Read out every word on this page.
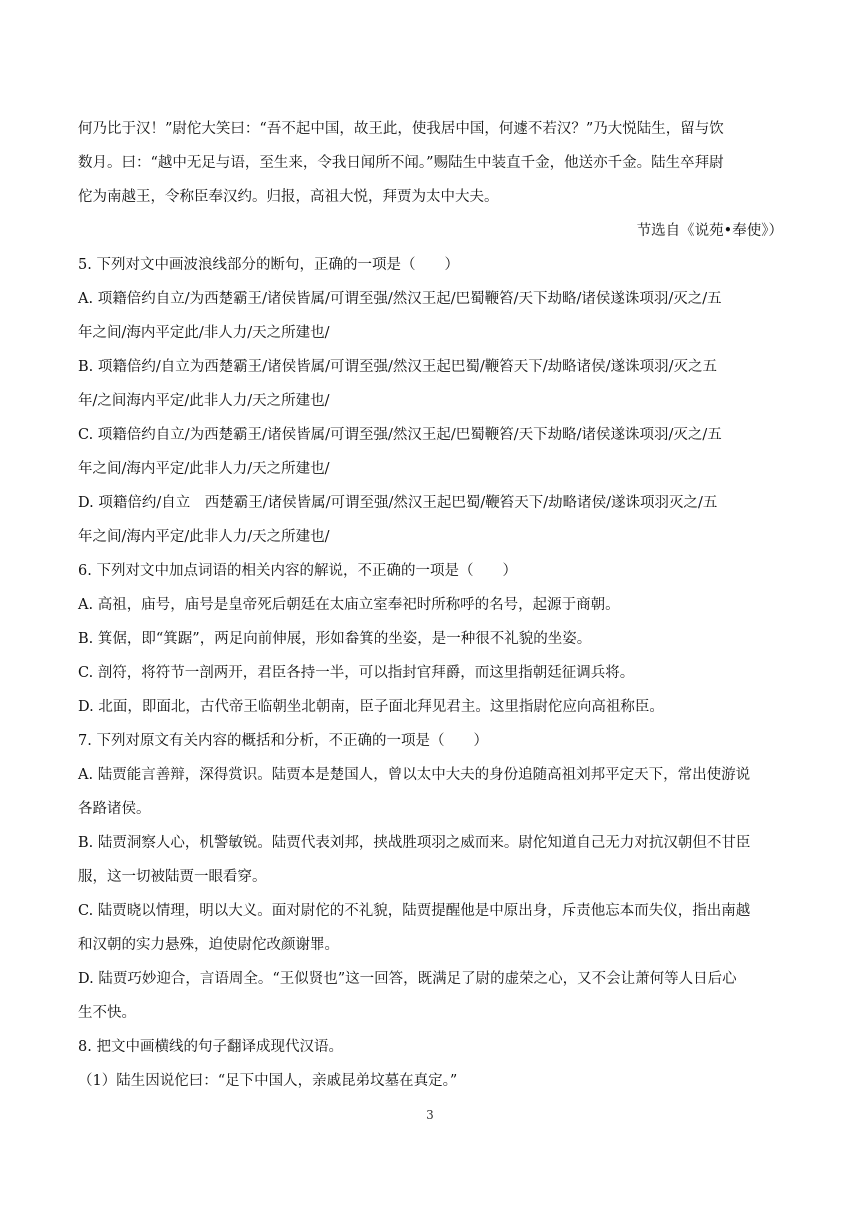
何乃比于汉！”尉佗大笑曰：“吾不起中国，故王此，使我居中国，何遽不若汉？”乃大悦陆生，留与饮
数月。曰：“越中无足与语，至生来，令我日闻所不闻。”赐陆生中装直千金，他送亦千金。陆生卒拜尉
佗为南越王，令称臣奉汉约。归报，高祖大悦，拜贾为太中大夫。
节选自《说苑•奉使》）
5. 下列对文中画波浪线部分的断句，正确的一项是（　　）
A. 项籍倍约自立/为西楚霸王/诸侯皆属/可谓至强/然汉王起/巴蜀鞭笞/天下劫略/诸侯遂诛项羽/灭之/五
年之间/海内平定此/非人力/天之所建也/
B. 项籍倍约/自立为西楚霸王/诸侯皆属/可谓至强/然汉王起巴蜀/鞭笞天下/劫略诸侯/遂诛项羽/灭之五
年/之间海内平定/此非人力/天之所建也/
C. 项籍倍约自立/为西楚霸王/诸侯皆属/可谓至强/然汉王起/巴蜀鞭笞/天下劫略/诸侯遂诛项羽/灭之/五
年之间/海内平定/此非人力/天之所建也/
D. 项籍倍约/自立　西楚霸王/诸侯皆属/可谓至强/然汉王起巴蜀/鞭笞天下/劫略诸侯/遂诛项羽灭之/五
年之间/海内平定/此非人力/天之所建也/
6. 下列对文中加点词语的相关内容的解说，不正确的一项是（　　）
A. 高祖，庙号，庙号是皇帝死后朝廷在太庙立室奉祀时所称呼的名号，起源于商朝。
B. 箕倨，即“箕踞”，两足向前伸展，形如畚箕的坐姿，是一种很不礼貌的坐姿。
C. 剖符，将符节一剖两开，君臣各持一半，可以指封官拜爵，而这里指朝廷征调兵将。
D. 北面，即面北，古代帝王临朝坐北朝南，臣子面北拜见君主。这里指尉佗应向高祖称臣。
7. 下列对原文有关内容的概括和分析，不正确的一项是（　　）
A. 陆贾能言善辩，深得赏识。陆贾本是楚国人，曾以太中大夫的身份追随高祖刘邦平定天下，常出使游说
各路诸侯。
B. 陆贾洞察人心，机警敏锐。陆贾代表刘邦，挟战胜项羽之威而来。尉佗知道自己无力对抗汉朝但不甘臣
服，这一切被陆贾一眼看穿。
C. 陆贾晓以情理，明以大义。面对尉佗的不礼貌，陆贾提醒他是中原出身，斥责他忘本而失仪，指出南越
和汉朝的实力悬殊，迫使尉佗改颜谢罪。
D. 陆贾巧妙迎合，言语周全。“王似贤也”这一回答，既满足了尉的虚荣之心，又不会让萧何等人日后心
生不快。
8. 把文中画横线的句子翻译成现代汉语。
（1）陆生因说佗曰：“足下中国人，亲戚昆弟坟墓在真定。”
3
